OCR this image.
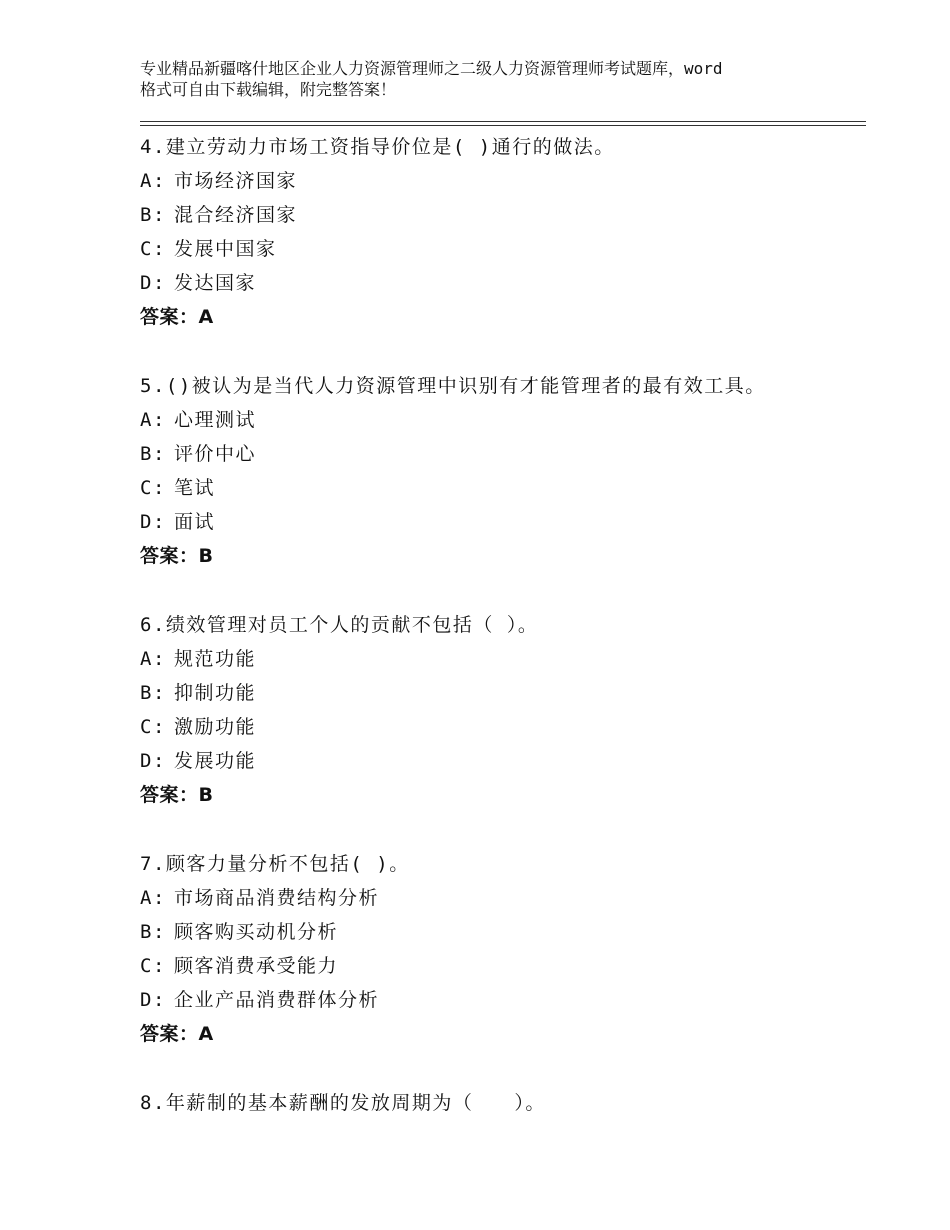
专业精品新疆喀什地区企业人力资源管理师之二级人力资源管理师考试题库，word
格式可自由下载编辑，附完整答案！
4.建立劳动力市场工资指导价位是( )通行的做法。
A: 市场经济国家
B: 混合经济国家
C: 发展中国家
D: 发达国家
答案：A
5.()被认为是当代人力资源管理中识别有才能管理者的最有效工具。
A: 心理测试
B: 评价中心
C: 笔试
D: 面试
答案：B
6.绩效管理对员工个人的贡献不包括（ ）。
A: 规范功能
B: 抑制功能
C: 激励功能
D: 发展功能
答案：B
7.顾客力量分析不包括( )。
A: 市场商品消费结构分析
B: 顾客购买动机分析
C: 顾客消费承受能力
D: 企业产品消费群体分析
答案：A
8.年薪制的基本薪酬的发放周期为（　　）。
